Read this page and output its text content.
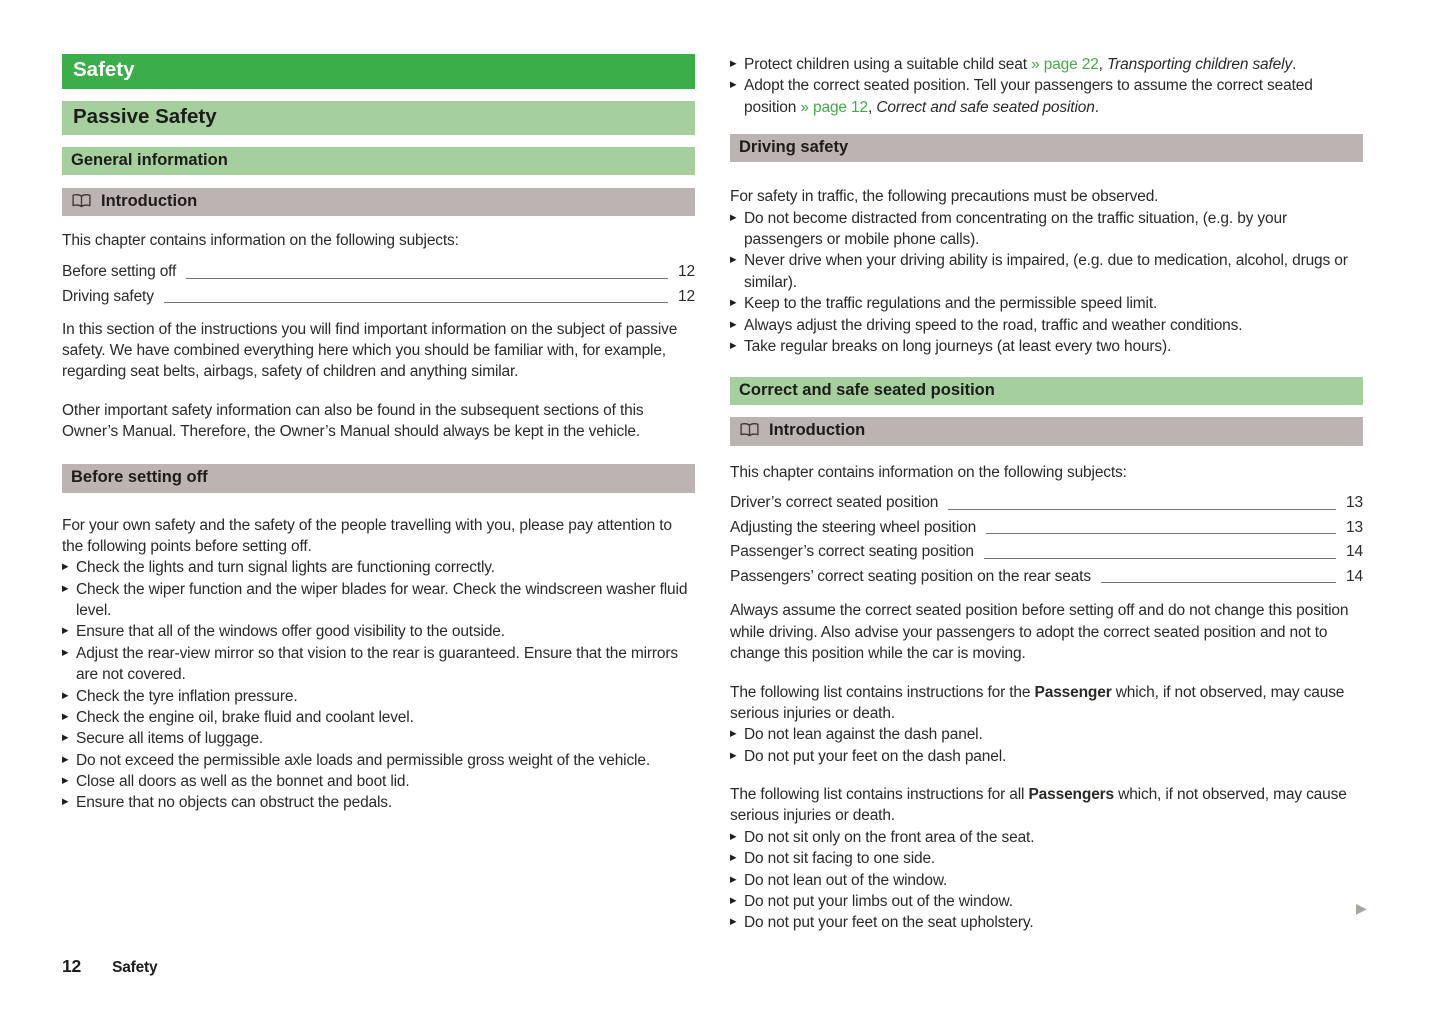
Safety
Passive Safety
General information
Introduction

This chapter contains information on the following subjects:

Before setting off	12
Driving safety	12

In this section of the instructions you will find important information on the subject of passive safety. We have combined everything here which you should be familiar with, for example, regarding seat belts, airbags, safety of children and anything similar.

Other important safety information can also be found in the subsequent sections of this Owner’s Manual. Therefore, the Owner’s Manual should always be kept in the vehicle.

Before setting off

For your own safety and the safety of the people travelling with you, please pay attention to the following points before setting off.

▶ Check the lights and turn signal lights are functioning correctly.
▶ Check the wiper function and the wiper blades for wear. Check the windscreen washer fluid level.
▶ Ensure that all of the windows offer good visibility to the outside.
▶ Adjust the rear-view mirror so that vision to the rear is guaranteed. Ensure that the mirrors are not covered.
▶ Check the tyre inflation pressure.
▶ Check the engine oil, brake fluid and coolant level.
▶ Secure all items of luggage.
▶ Do not exceed the permissible axle loads and permissible gross weight of the vehicle.
▶ Close all doors as well as the bonnet and boot lid.
▶ Ensure that no objects can obstruct the pedals.
▶ Protect children using a suitable child seat » page 22, Transporting children safely.
▶ Adopt the correct seated position. Tell your passengers to assume the correct seated position » page 12, Correct and safe seated position.
Driving safety

For safety in traffic, the following precautions must be observed.

▶ Do not become distracted from concentrating on the traffic situation, (e.g. by your passengers or mobile phone calls).
▶ Never drive when your driving ability is impaired, (e.g. due to medication, alcohol, drugs or similar).
▶ Keep to the traffic regulations and the permissible speed limit.
▶ Always adjust the driving speed to the road, traffic and weather conditions.
▶ Take regular breaks on long journeys (at least every two hours).
Correct and safe seated position
Introduction

This chapter contains information on the following subjects:

Driver’s correct seated position	13
Adjusting the steering wheel position	13
Passenger’s correct seating position	14
Passengers’ correct seating position on the rear seats	14

Always assume the correct seated position before setting off and do not change this position while driving. Also advise your passengers to adopt the correct seated position and not to change this position while the car is moving.

The following list contains instructions for the Passenger which, if not observed, may cause serious injuries or death.

▶ Do not lean against the dash panel.
▶ Do not put your feet on the dash panel.

The following list contains instructions for all Passengers which, if not observed, may cause serious injuries or death.

▶ Do not sit only on the front area of the seat.
▶ Do not sit facing to one side.
▶ Do not lean out of the window.
▶ Do not put your limbs out of the window.
▶ Do not put your feet on the seat upholstery.
▶
12 Safety
